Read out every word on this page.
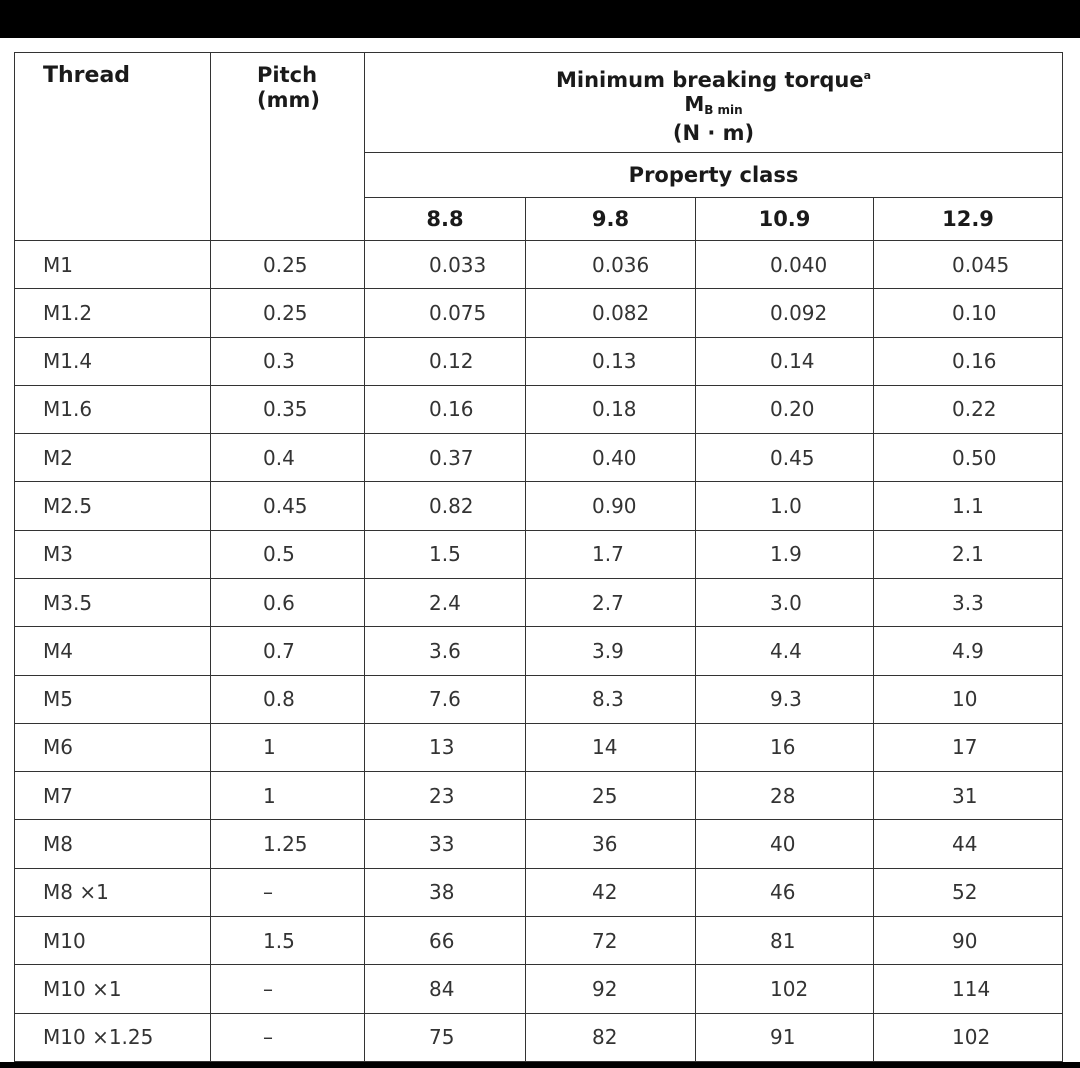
Thread	Pitch
(mm)	Minimum breaking torque$^a$
$M_{B min}$
(N · m)			
		Property class			
		8.8	9.8	10.9	12.9
M1	0.25	0.033	0.036	0.040	0.045
M1.2	0.25	0.075	0.082	0.092	0.10
M1.4	0.3	0.12	0.13	0.14	0.16
M1.6	0.35	0.16	0.18	0.20	0.22
M2	0.4	0.37	0.40	0.45	0.50
M2.5	0.45	0.82	0.90	1.0	1.1
M3	0.5	1.5	1.7	1.9	2.1
M3.5	0.6	2.4	2.7	3.0	3.3
M4	0.7	3.6	3.9	4.4	4.9
M5	0.8	7.6	8.3	9.3	10
M6	1	13	14	16	17
M7	1	23	25	28	31
M8	1.25	33	36	40	44
M8 ×1	–	38	42	46	52
M10	1.5	66	72	81	90
M10 ×1	–	84	92	102	114
M10 ×1.25	–	75	82	91	102
